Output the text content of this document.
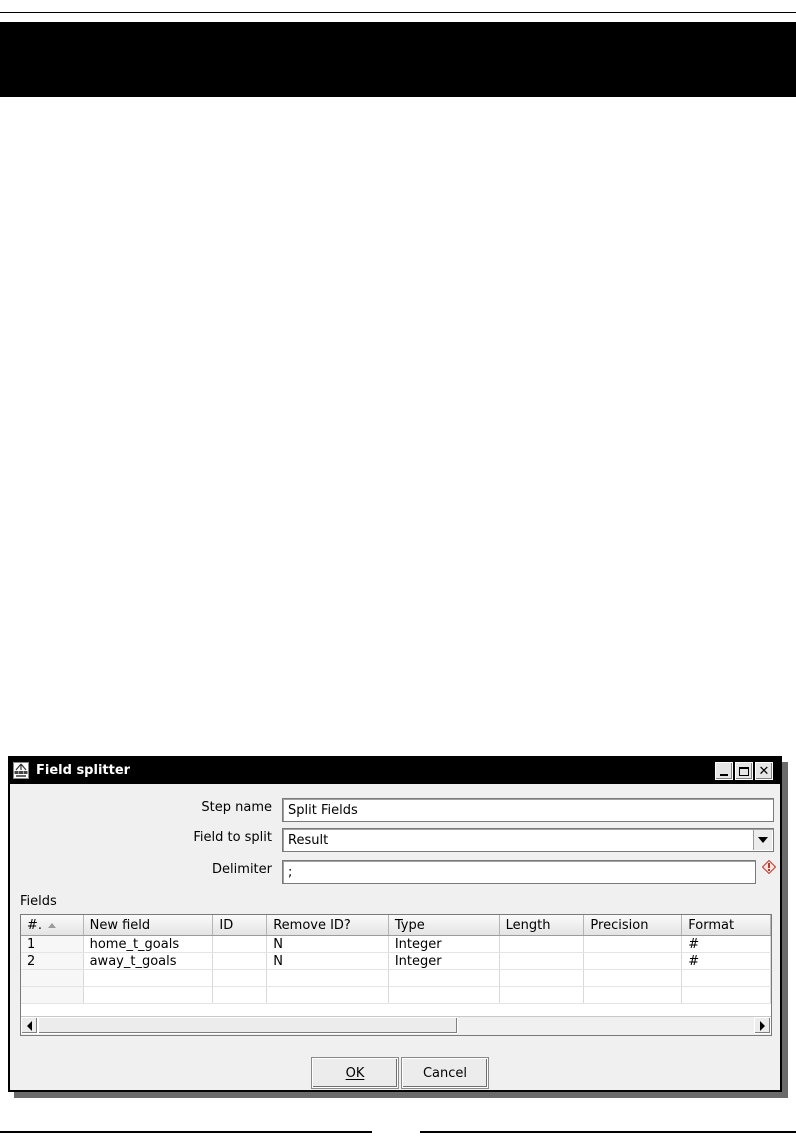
Field splitter	✕
Step name	Split Fields
Field to split	Result
Delimiter	;
Fields
#.	New field	ID	Remove ID?	Type	Length	Precision	Format
1	home_t_goals		N	Integer			#
2	away_t_goals		N	Integer			#

OK	Cancel
